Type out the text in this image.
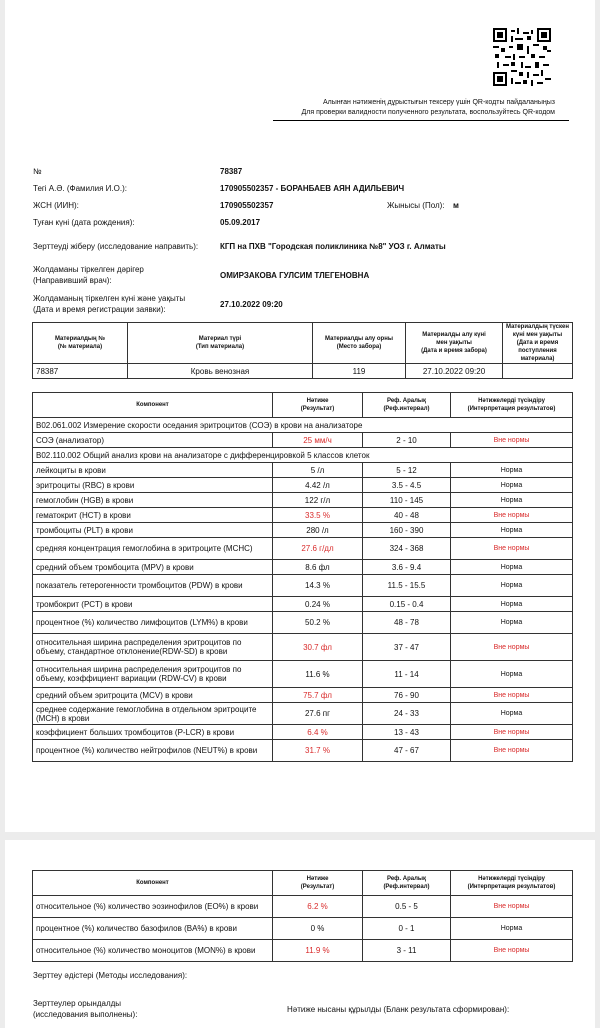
Алынған нәтиженің дұрыстығын тексеру үшін QR-кодты пайдаланыңыз
Для проверки валидности полученного результата, воспользуйтесь QR-кодом
№	78387
Тегі А.Ә. (Фамилия И.О.):	170905502357 - БОРАНБАЕВ АЯН АДИЛЬЕВИЧ
ЖСН (ИИН):	170905502357	Жынысы (Пол): м
Туған күні (дата рождения):	05.09.2017
Зерттеуді жіберу (исследование направить):	КГП на ПХВ "Городская поликлиника №8" УОЗ г. Алматы
Жолдаманы тіркелген дәрігер
(Направивший врач):
ОМИРЗАКОВА ГУЛСИМ ТЛЕГЕНОВНА
Жолдаманың тіркелген күні және уақыты
(Дата и время регистрации заявки):
27.10.2022 09:20
Материалдың №
(№ материала)	Материал түрі
(Тип материала)	Материалды алу орны
(Место забора)	Материалды алу күні
мен уақыты
(Дата и время забора)	Материалдың түскен
күні мен уақыты
(Дата и время
поступления материала)
78387	Кровь венозная	119	27.10.2022 09:20	
Компонент	Нәтиже
(Результат)	Реф. Аралық
(Реф.интервал)	Нәтижелерді түсіндіру
(Интерпретация результатов)
B02.061.002 Измерение скорости оседания эритроцитов (СОЭ) в крови на анализаторе			
СОЭ (анализатор)	25 мм/ч	2 - 10	Вне нормы
B02.110.002 Общий анализ крови на анализаторе с дифференцировкой 5 классов клеток			
лейкоциты в крови	5 /л	5 - 12	Норма
эритроциты (RBC) в крови	4.42 /л	3.5 - 4.5	Норма
гемоглобин (HGB) в крови	122 г/л	110 - 145	Норма
гематокрит (HCT) в крови	33.5 %	40 - 48	Вне нормы
тромбоциты (PLT) в крови	280 /л	160 - 390	Норма
средняя концентрация гемоглобина в эритроците (MCHC)	27.6 г/дл	324 - 368	Вне нормы
средний объем тромбоцита (MPV) в крови	8.6 фл	3.6 - 9.4	Норма
показатель гетерогенности тромбоцитов (PDW) в крови	14.3 %	11.5 - 15.5	Норма
тромбокрит (PCT) в крови	0.24 %	0.15 - 0.4	Норма
процентное (%) количество лимфоцитов (LYM%) в крови	50.2 %	48 - 78	Норма
относительная ширина распределения эритроцитов по объему, стандартное отклонение(RDW-SD) в крови	30.7 фл	37 - 47	Вне нормы
относительная ширина распределения эритроцитов по объему, коэффициент вариации (RDW-CV) в крови	11.6 %	11 - 14	Норма
средний объем эритроцита (MCV) в крови	75.7 фл	76 - 90	Вне нормы
среднее содержание гемоглобина в отдельном эритроците (MCH) в крови	27.6 пг	24 - 33	Норма
коэффициент больших тромбоцитов (P-LCR) в крови	6.4 %	13 - 43	Вне нормы
процентное (%) количество нейтрофилов (NEUT%) в крови	31.7 %	47 - 67	Вне нормы
Компонент	Нәтиже
(Результат)	Реф. Аралық
(Реф.интервал)	Нәтижелерді түсіндіру
(Интерпретация результатов)
относительное (%) количество эозинофилов (EO%) в крови	6.2 %	0.5 - 5	Вне нормы
процентное (%) количество базофилов (BA%) в крови	0 %	0 - 1	Норма
относительное (%) количество моноцитов (MON%) в крови	11.9 %	3 - 11	Вне нормы
Зерттеу әдістері (Методы исследования):
Зерттеулер орындалды
(исследования выполнены):
Нәтиже нысаны құрылды (Бланк результата сформирован):
